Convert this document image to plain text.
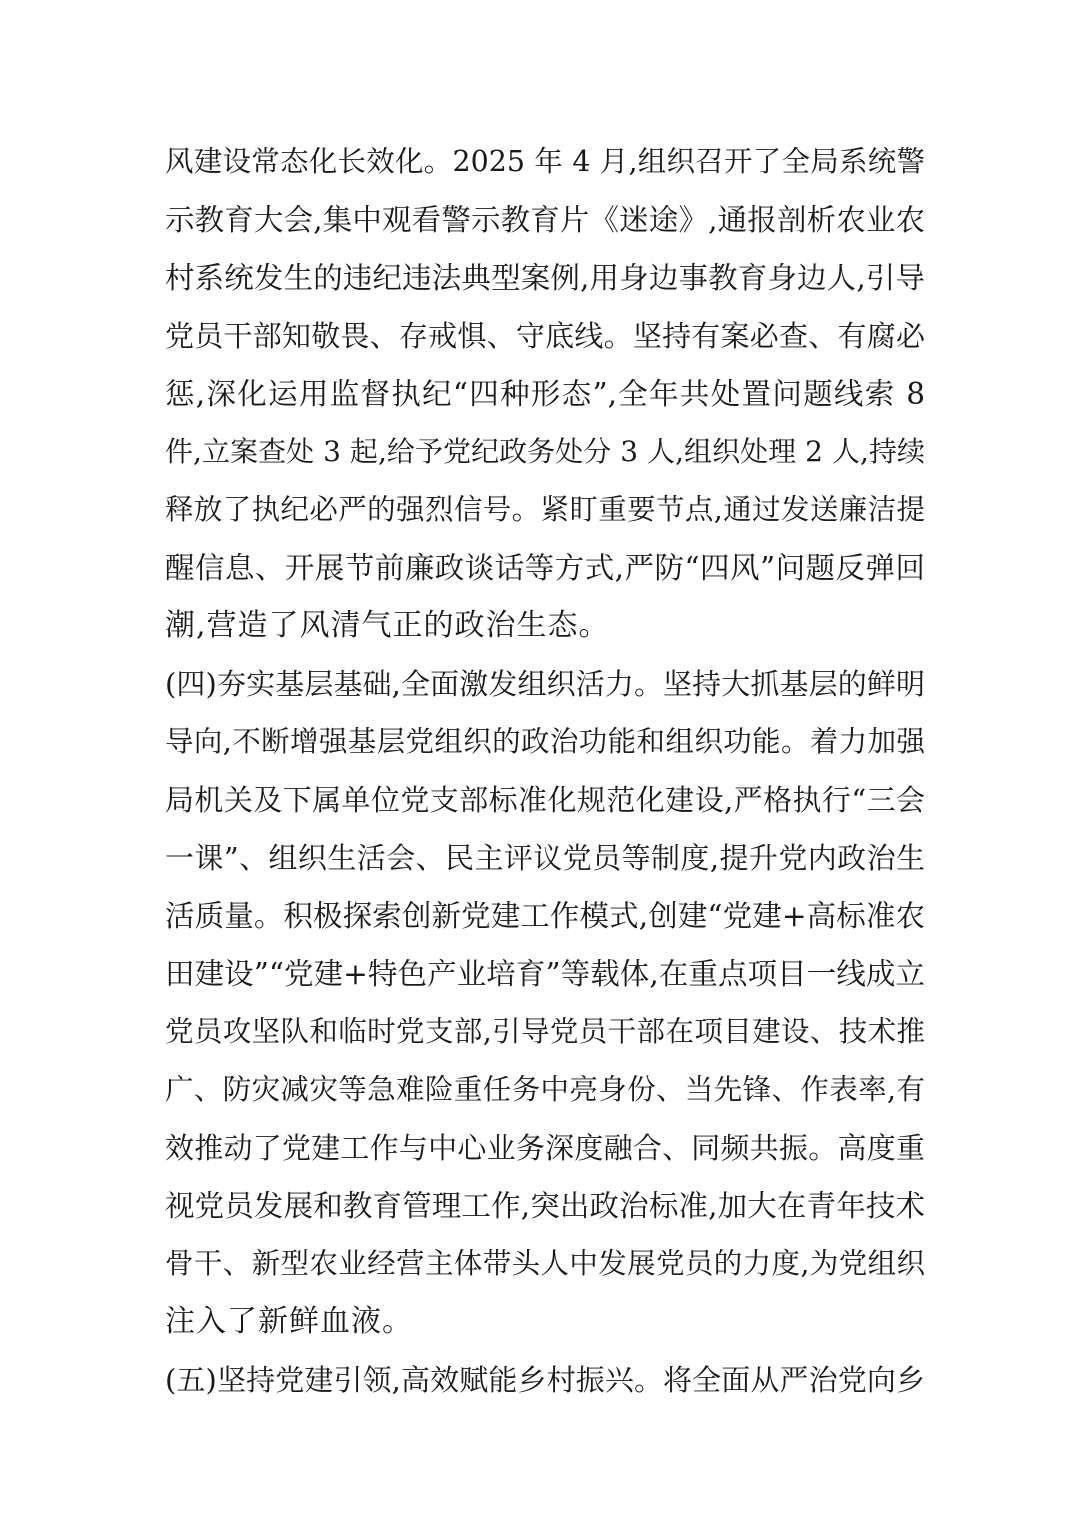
风建设常态化长效化。2025 年 4 月,组织召开了全局系统警
示教育大会,集中观看警示教育片《迷途》,通报剖析农业农
村系统发生的违纪违法典型案例,用身边事教育身边人,引导
党员干部知敬畏、存戒惧、守底线。坚持有案必查、有腐必
惩,深化运用监督执纪“四种形态”,全年共处置问题线索 8
件,立案查处 3 起,给予党纪政务处分 3 人,组织处理 2 人,持续
释放了执纪必严的强烈信号。紧盯重要节点,通过发送廉洁提
醒信息、开展节前廉政谈话等方式,严防“四风”问题反弹回
潮,营造了风清气正的政治生态。
(四)夯实基层基础,全面激发组织活力。坚持大抓基层的鲜明
导向,不断增强基层党组织的政治功能和组织功能。着力加强
局机关及下属单位党支部标准化规范化建设,严格执行“三会
一课”、组织生活会、民主评议党员等制度,提升党内政治生
活质量。积极探索创新党建工作模式,创建“党建+高标准农
田建设”“党建+特色产业培育”等载体,在重点项目一线成立
党员攻坚队和临时党支部,引导党员干部在项目建设、技术推
广、防灾减灾等急难险重任务中亮身份、当先锋、作表率,有
效推动了党建工作与中心业务深度融合、同频共振。高度重
视党员发展和教育管理工作,突出政治标准,加大在青年技术
骨干、新型农业经营主体带头人中发展党员的力度,为党组织
注入了新鲜血液。
(五)坚持党建引领,高效赋能乡村振兴。将全面从严治党向乡
